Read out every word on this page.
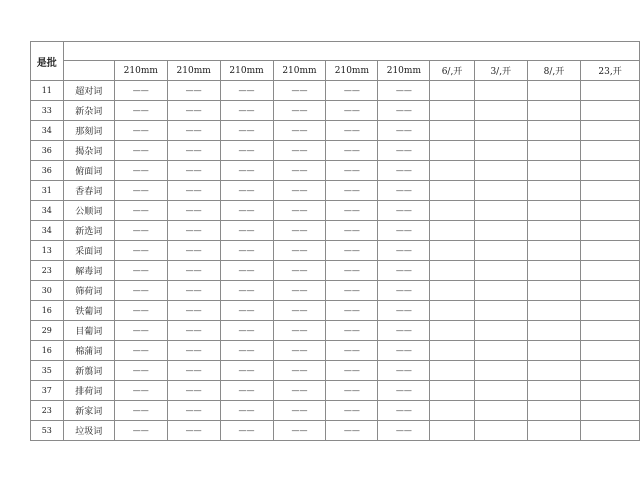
是批											
		210mm	210mm	210mm	210mm	210mm	210mm	6/,开	3/,开	8/,开	23,开
11	超对词	——	——	——	——	——	——				
33	新杂词	——	——	——	——	——	——				
34	那刻词	——	——	——	——	——	——				
36	揭杂词	——	——	——	——	——	——				
36	俯面词	——	——	——	——	——	——				
31	香春词	——	——	——	——	——	——				
34	公顺词	——	——	——	——	——	——				
34	新选词	——	——	——	——	——	——				
13	采面词	——	——	——	——	——	——				
23	解毒词	——	——	——	——	——	——				
30	筛荷词	——	——	——	——	——	——				
16	铁葡词	——	——	——	——	——	——				
29	目葡词	——	——	——	——	——	——				
16	棉蒲词	——	——	——	——	——	——				
35	新翦词	——	——	——	——	——	——				
37	排荷词	——	——	——	——	——	——				
23	新家词	——	——	——	——	——	——				
53	垃圾词	——	——	——	——	——	——				
